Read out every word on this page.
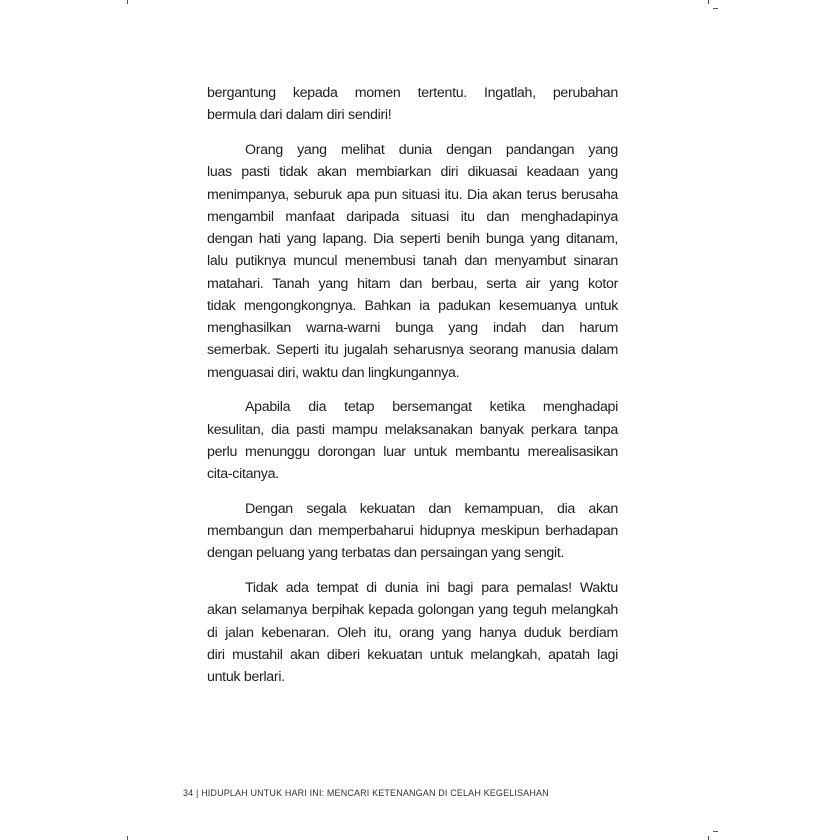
bergantung kepada momen tertentu. Ingatlah, perubahan
bermula dari dalam diri sendiri!
Orang yang melihat dunia dengan pandangan yang
luas pasti tidak akan membiarkan diri dikuasai keadaan yang
menimpanya, seburuk apa pun situasi itu. Dia akan terus berusaha
mengambil manfaat daripada situasi itu dan menghadapinya
dengan hati yang lapang. Dia seperti benih bunga yang ditanam,
lalu putiknya muncul menembusi tanah dan menyambut sinaran
matahari. Tanah yang hitam dan berbau, serta air yang kotor
tidak mengongkongnya. Bahkan ia padukan kesemuanya untuk
menghasilkan warna-warni bunga yang indah dan harum
semerbak. Seperti itu jugalah seharusnya seorang manusia dalam
menguasai diri, waktu dan lingkungannya.
Apabila dia tetap bersemangat ketika menghadapi
kesulitan, dia pasti mampu melaksanakan banyak perkara tanpa
perlu menunggu dorongan luar untuk membantu merealisasikan
cita-citanya.
Dengan segala kekuatan dan kemampuan, dia akan
membangun dan memperbaharui hidupnya meskipun berhadapan
dengan peluang yang terbatas dan persaingan yang sengit.
Tidak ada tempat di dunia ini bagi para pemalas! Waktu
akan selamanya berpihak kepada golongan yang teguh melangkah
di jalan kebenaran. Oleh itu, orang yang hanya duduk berdiam
diri mustahil akan diberi kekuatan untuk melangkah, apatah lagi
untuk berlari.
34 | HIDUPLAH UNTUK HARI INI: MENCARI KETENANGAN DI CELAH KEGELISAHAN
